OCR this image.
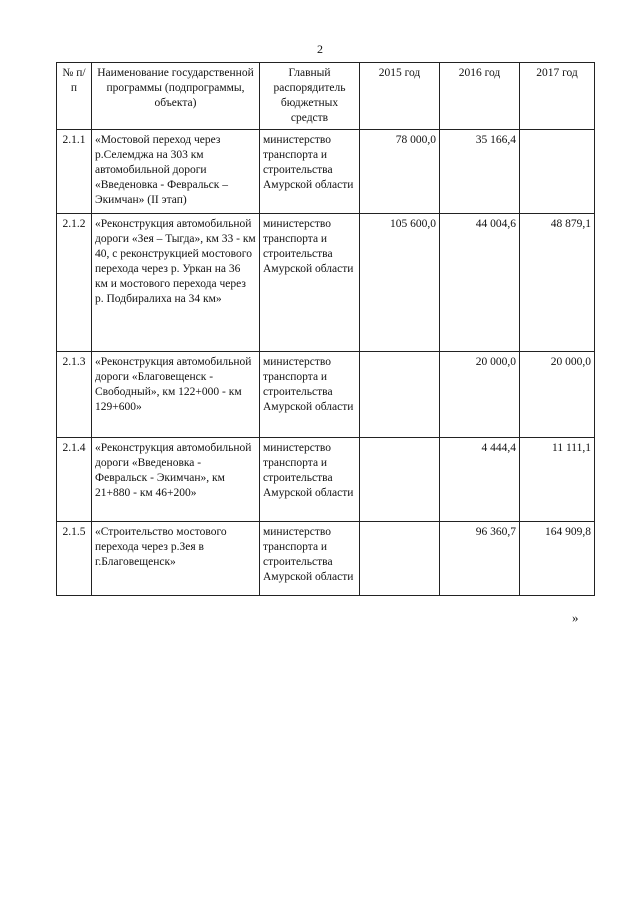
2
№ п/п	Наименование государственной программы (подпрограммы, объекта)	Главный распорядитель бюджетных средств	2015 год	2016 год	2017 год
2.1.1	«Мостовой переход через р.Селемджа на 303 км автомобильной дороги «Введеновка - Февральск – Экимчан» (II этап)	министерство транспорта и строительства Амурской области	78 000,0	35 166,4	
2.1.2	«Реконструкция автомобильной дороги «Зея – Тыгда», км 33 - км 40, с реконструкцией мостового перехода через р. Уркан на 36 км и мостового перехода через р. Подбиралиха на 34 км»	министерство транспорта и строительства Амурской области	105 600,0	44 004,6	48 879,1
2.1.3	«Реконструкция автомобильной дороги «Благовещенск - Свободный», км 122+000 - км 129+600»	министерство транспорта и строительства Амурской области		20 000,0	20 000,0
2.1.4	«Реконструкция автомобильной дороги «Введеновка - Февральск - Экимчан», км 21+880 - км 46+200»	министерство транспорта и строительства Амурской области		4 444,4	11 111,1
2.1.5	«Строительство мостового перехода через р.Зея в г.Благовещенск»	министерство транспорта и строительства Амурской области		96 360,7	164 909,8
»
